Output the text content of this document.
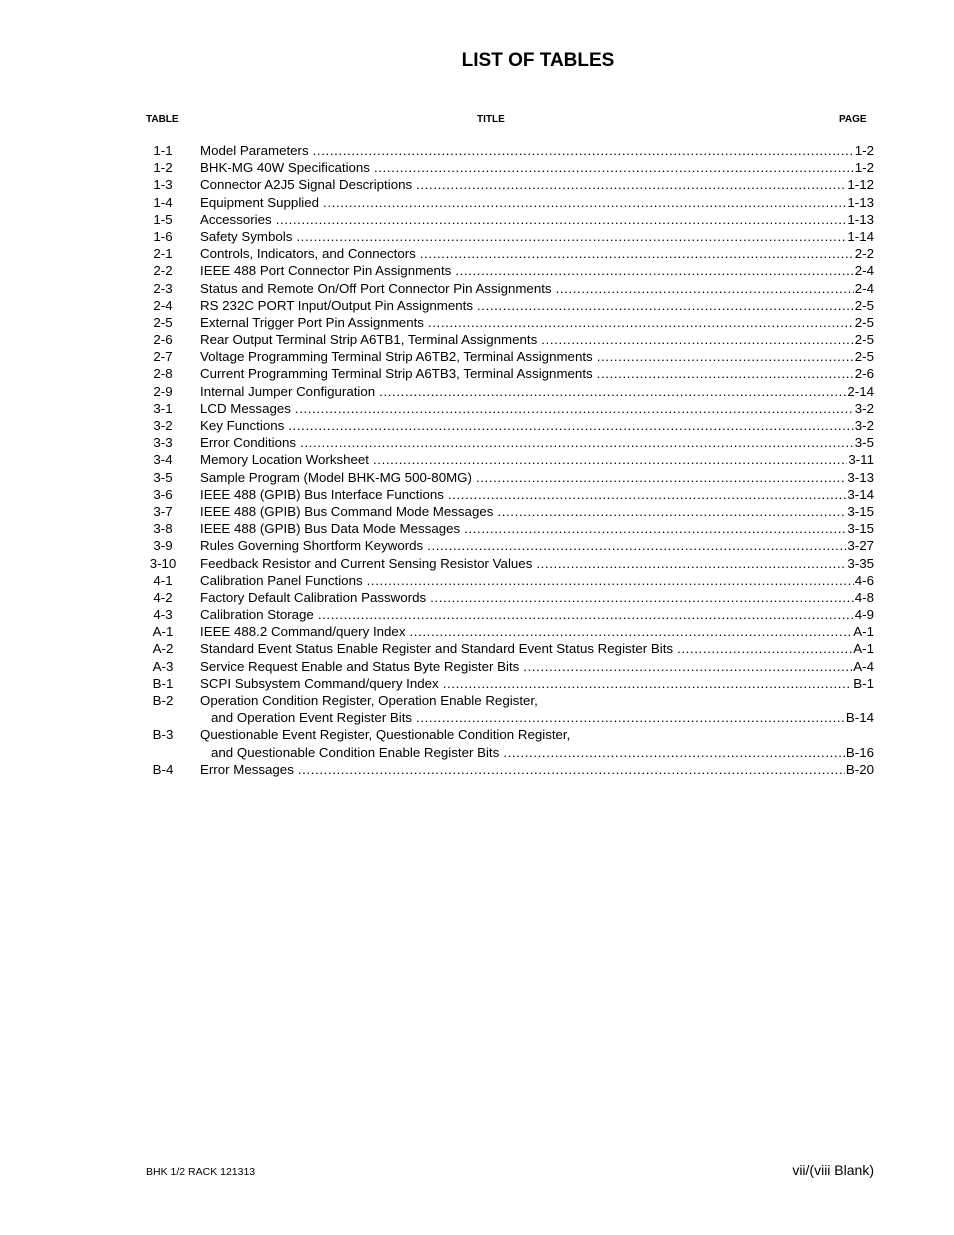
LIST OF TABLES
TABLE	TITLE	PAGE
1-1	Model Parameters .....	1-2
1-2	BHK-MG 40W Specifications .....	1-2
1-3	Connector A2J5 Signal Descriptions .....	1-12
1-4	Equipment Supplied .....	1-13
1-5	Accessories .....	1-13
1-6	Safety Symbols .....	1-14
2-1	Controls, Indicators, and Connectors .....	2-2
2-2	IEEE 488 Port Connector Pin Assignments .....	2-4
2-3	Status and Remote On/Off Port Connector Pin Assignments .....	2-4
2-4	RS 232C PORT Input/Output Pin Assignments .....	2-5
2-5	External Trigger Port Pin Assignments .....	2-5
2-6	Rear Output Terminal Strip A6TB1, Terminal Assignments .....	2-5
2-7	Voltage Programming Terminal Strip A6TB2, Terminal Assignments .....	2-5
2-8	Current Programming Terminal Strip A6TB3, Terminal Assignments .....	2-6
2-9	Internal Jumper Configuration .....	2-14
3-1	LCD Messages .....	3-2
3-2	Key Functions .....	3-2
3-3	Error Conditions .....	3-5
3-4	Memory Location Worksheet .....	3-11
3-5	Sample Program (Model BHK-MG 500-80MG) .....	3-13
3-6	IEEE 488 (GPIB) Bus Interface Functions .....	3-14
3-7	IEEE 488 (GPIB) Bus Command Mode Messages .....	3-15
3-8	IEEE 488 (GPIB) Bus Data Mode Messages .....	3-15
3-9	Rules Governing Shortform Keywords .....	3-27
3-10 Feedback Resistor and Current Sensing Resistor Values .....	3-35
4-1	Calibration Panel Functions .....	4-6
4-2	Factory Default Calibration Passwords .....	4-8
4-3	Calibration Storage .....	4-9
A-1	IEEE 488.2 Command/query Index .....	A-1
A-2	Standard Event Status Enable Register and Standard Event Status Register Bits .....	A-1
A-3	Service Request Enable and Status Byte Register Bits .....	A-4
B-1	SCPI Subsystem Command/query Index .....	B-1
B-2	Operation Condition Register, Operation Enable Register,
and Operation Event Register Bits .....	B-14
B-3	Questionable Event Register, Questionable Condition Register,
and Questionable Condition Enable Register Bits .....	B-16
B-4	Error Messages .....	B-20
BHK 1/2 RACK 121313	vii/(viii Blank)
